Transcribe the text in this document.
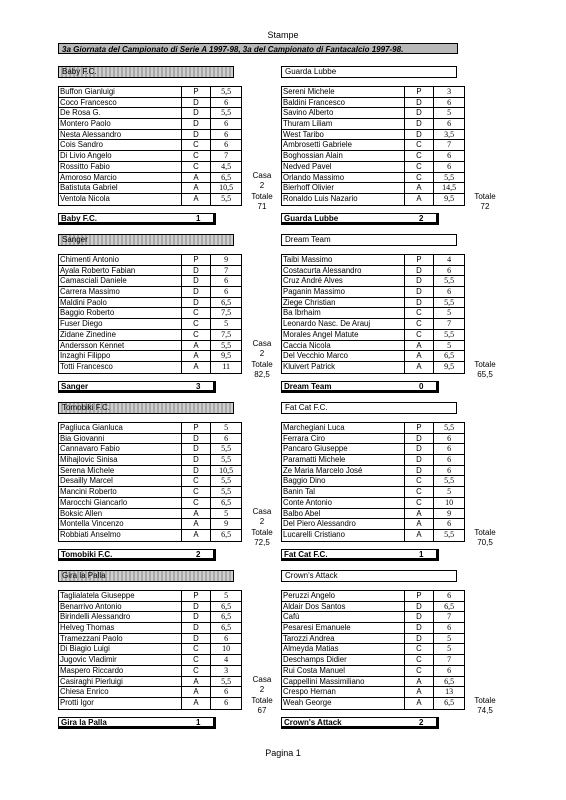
Stampe
3a Giornata del Campionato di Serie A 1997-98, 3a del Campionato di Fantacalcio 1997-98.
Baby F.C.
Buffon Gianluigi	P	5,5
Coco Francesco	D	6
De Rosa G.	D	5,5
Montero Paolo	D	6
Nesta Alessandro	D	6
Cois Sandro	C	6
Di Livio Angelo	C	7
Rossitto Fabio	C	4,5
Amoroso Marcio	A	6,5
Batistuta Gabriel	A	10,5
Ventola Nicola	A	5,5
Baby F.C.	1
Casa
2
Totale
71
Guarda Lubbe
Sereni Michele	P	3
Baldini Francesco	D	6
Savino Alberto	D	5
Thuram Liliam	D	6
West Taribo	D	3,5
Ambrosetti Gabriele	C	7
Boghossian Alain	C	6
Nedved Pavel	C	6
Orlando Massimo	C	5,5
Bierhoff Olivier	A	14,5
Ronaldo Luis Nazario	A	9,5
Guarda Lubbe	2
Totale
72
Sanger
Chimenti Antonio	P	9
Ayala Roberto Fabian	D	7
Camasciali Daniele	D	6
Carrera Massimo	D	6
Maldini Paolo	D	6,5
Baggio Roberto	C	7,5
Fuser Diego	C	5
Zidane Zinedine	C	7,5
Andersson Kennet	A	5,5
Inzaghi Filippo	A	9,5
Totti Francesco	A	11
Sanger	3
Casa
2
Totale
82,5
Dream Team
Taibi Massimo	P	4
Costacurta Alessandro	D	6
Cruz André Alves	D	5,5
Paganin Massimo	D	6
Ziege Christian	D	5,5
Ba Ibrhaim	C	5
Leonardo Nasc. De Arauj	C	7
Morales Angel Matute	C	5,5
Caccia Nicola	A	5
Del Vecchio Marco	A	6,5
Kluivert Patrick	A	9,5
Dream Team	0
Totale
65,5
Tomobiki F.C.
Pagliuca Gianluca	P	5
Bia Giovanni	D	6
Cannavaro Fabio	D	5,5
Mihajlovic Sinisa	D	5,5
Serena Michele	D	10,5
Desailly Marcel	C	5,5
Mancini Roberto	C	5,5
Marocchi Giancarlo	C	6,5
Boksic Allen	A	5
Montella Vincenzo	A	9
Robbiati Anselmo	A	6,5
Tomobiki F.C.	2
Casa
2
Totale
72,5
Fat Cat F.C.
Marchegiani Luca	P	5,5
Ferrara Ciro	D	6
Pancaro Giuseppe	D	6
Paramatti Michele	D	6
Ze Maria Marcelo José	D	6
Baggio Dino	C	5,5
Banin Tal	C	5
Conte Antonio	C	10
Balbo Abel	A	9
Del Piero Alessandro	A	6
Lucarelli Cristiano	A	5,5
Fat Cat F.C.	1
Totale
70,5
Gira la Palla
Taglialatela Giuseppe	P	5
Benarrivo Antonio	D	6,5
Birindelli Alessandro	D	6,5
Helveg Thomas	D	6,5
Tramezzani Paolo	D	6
Di Biagio Luigi	C	10
Jugovic Vladimir	C	4
Maspero Riccardo	C	3
Casiraghi Pierluigi	A	5,5
Chiesa Enrico	A	6
Protti Igor	A	6
Gira la Palla	1
Casa
2
Totale
67
Crown's Attack
Peruzzi Angelo	P	6
Aldair Dos Santos	D	6,5
Cafù	D	7
Pesaresi Emanuele	D	6
Tarozzi Andrea	D	5
Almeyda Matias	C	5
Deschamps Didier	C	7
Rui Costa Manuel	C	6
Cappellini Massimiliano	A	6,5
Crespo Hernan	A	13
Weah George	A	6,5
Crown's Attack	2
Totale
74,5
Pagina 1
